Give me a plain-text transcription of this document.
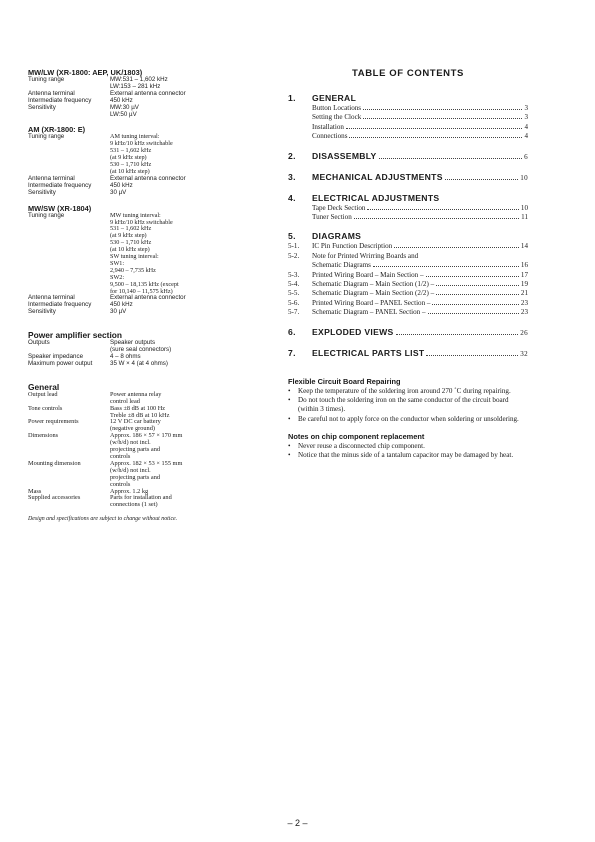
MW/LW (XR-1800: AEP, UK/1803)
Tuning range	MW:531 – 1,602 kHz
LW:153 – 281 kHz
Antenna terminal	External antenna connector
Intermediate frequency	450 kHz
Sensitivity	MW:30 µV
LW:50 µV
AM (XR-1800: E)
Tuning range	AM tuning interval:
9 kHz/10 kHz switchable
531 – 1,602 kHz
(at 9 kHz step)
530 – 1,710 kHz
(at 10 kHz step)
Antenna terminal	External antenna connector
Intermediate frequency	450 kHz
Sensitivity	30 µV
MW/SW (XR-1804)
Tuning range	MW tuning interval:
9 kHz/10 kHz switchable
531 – 1,602 kHz
(at 9 kHz step)
530 – 1,710 kHz
(at 10 kHz step)
SW tuning interval:
SW1:
2,940 – 7,735 kHz
SW2:
9,500 – 18,135 kHz (except
for 10,140 – 11,575 kHz)
Antenna terminal	External antenna connector
Intermediate frequency	450 kHz
Sensitivity	30 µV
Power amplifier section
Outputs	Speaker outputs
(sure seal connectors)
Speaker impedance	4 – 8 ohms
Maximum power output	35 W × 4 (at 4 ohms)
General
Output lead	Power antenna relay
control lead
Tone controls	Bass ±8 dB at 100 Hz
Treble ±8 dB at 10 kHz
Power requirements	12 V DC car battery
(negative ground)
Dimensions	Approx. 186 × 57 × 170 mm
(w/h/d) not incl.
projecting parts and
controls
Mounting dimension	Approx. 182 × 53 × 155 mm
(w/h/d) not incl.
projecting parts and
controls
Mass	Approx. 1.2 kg
Supplied accessories	Parts for installation and
connections (1 set)
Design and specifications are subject to change without notice.
TABLE OF CONTENTS
1.	GENERAL
Button Locations	3
Setting the Clock	3
Installation	4
Connections	4
2.	DISASSEMBLY	6
3.	MECHANICAL ADJUSTMENTS	10
4.	ELECTRICAL ADJUSTMENTS
Tape Deck Section	10
Tuner Section	11
5.	DIAGRAMS
5-1.	IC Pin Function Description	14
5-2.	Note for Printed Wrirring Boards and
Schematic Diagrams	16
5-3.	Printed Wiring Board – Main Section –	17
5-4.	Schematic Diagram – Main Section (1/2) –	19
5-5.	Schematic Diagram – Main Section (2/2) –	21
5-6.	Printed Wiring Board – PANEL Section –	23
5-7.	Schematic Diagram – PANEL Section –	23
6.	EXPLODED VIEWS	26
7.	ELECTRICAL PARTS LIST	32
Flexible Circuit Board Repairing
• Keep the temperature of the soldering iron around 270 ˚C during repairing.
• Do not touch the soldering iron on the same conductor of the circuit board (within 3 times).
• Be careful not to apply force on the conductor when soldering or unsoldering.
Notes on chip component replacement
• Never reuse a disconnected chip component.
• Notice that the minus side of a tantalum capacitor may be damaged by heat.
– 2 –
